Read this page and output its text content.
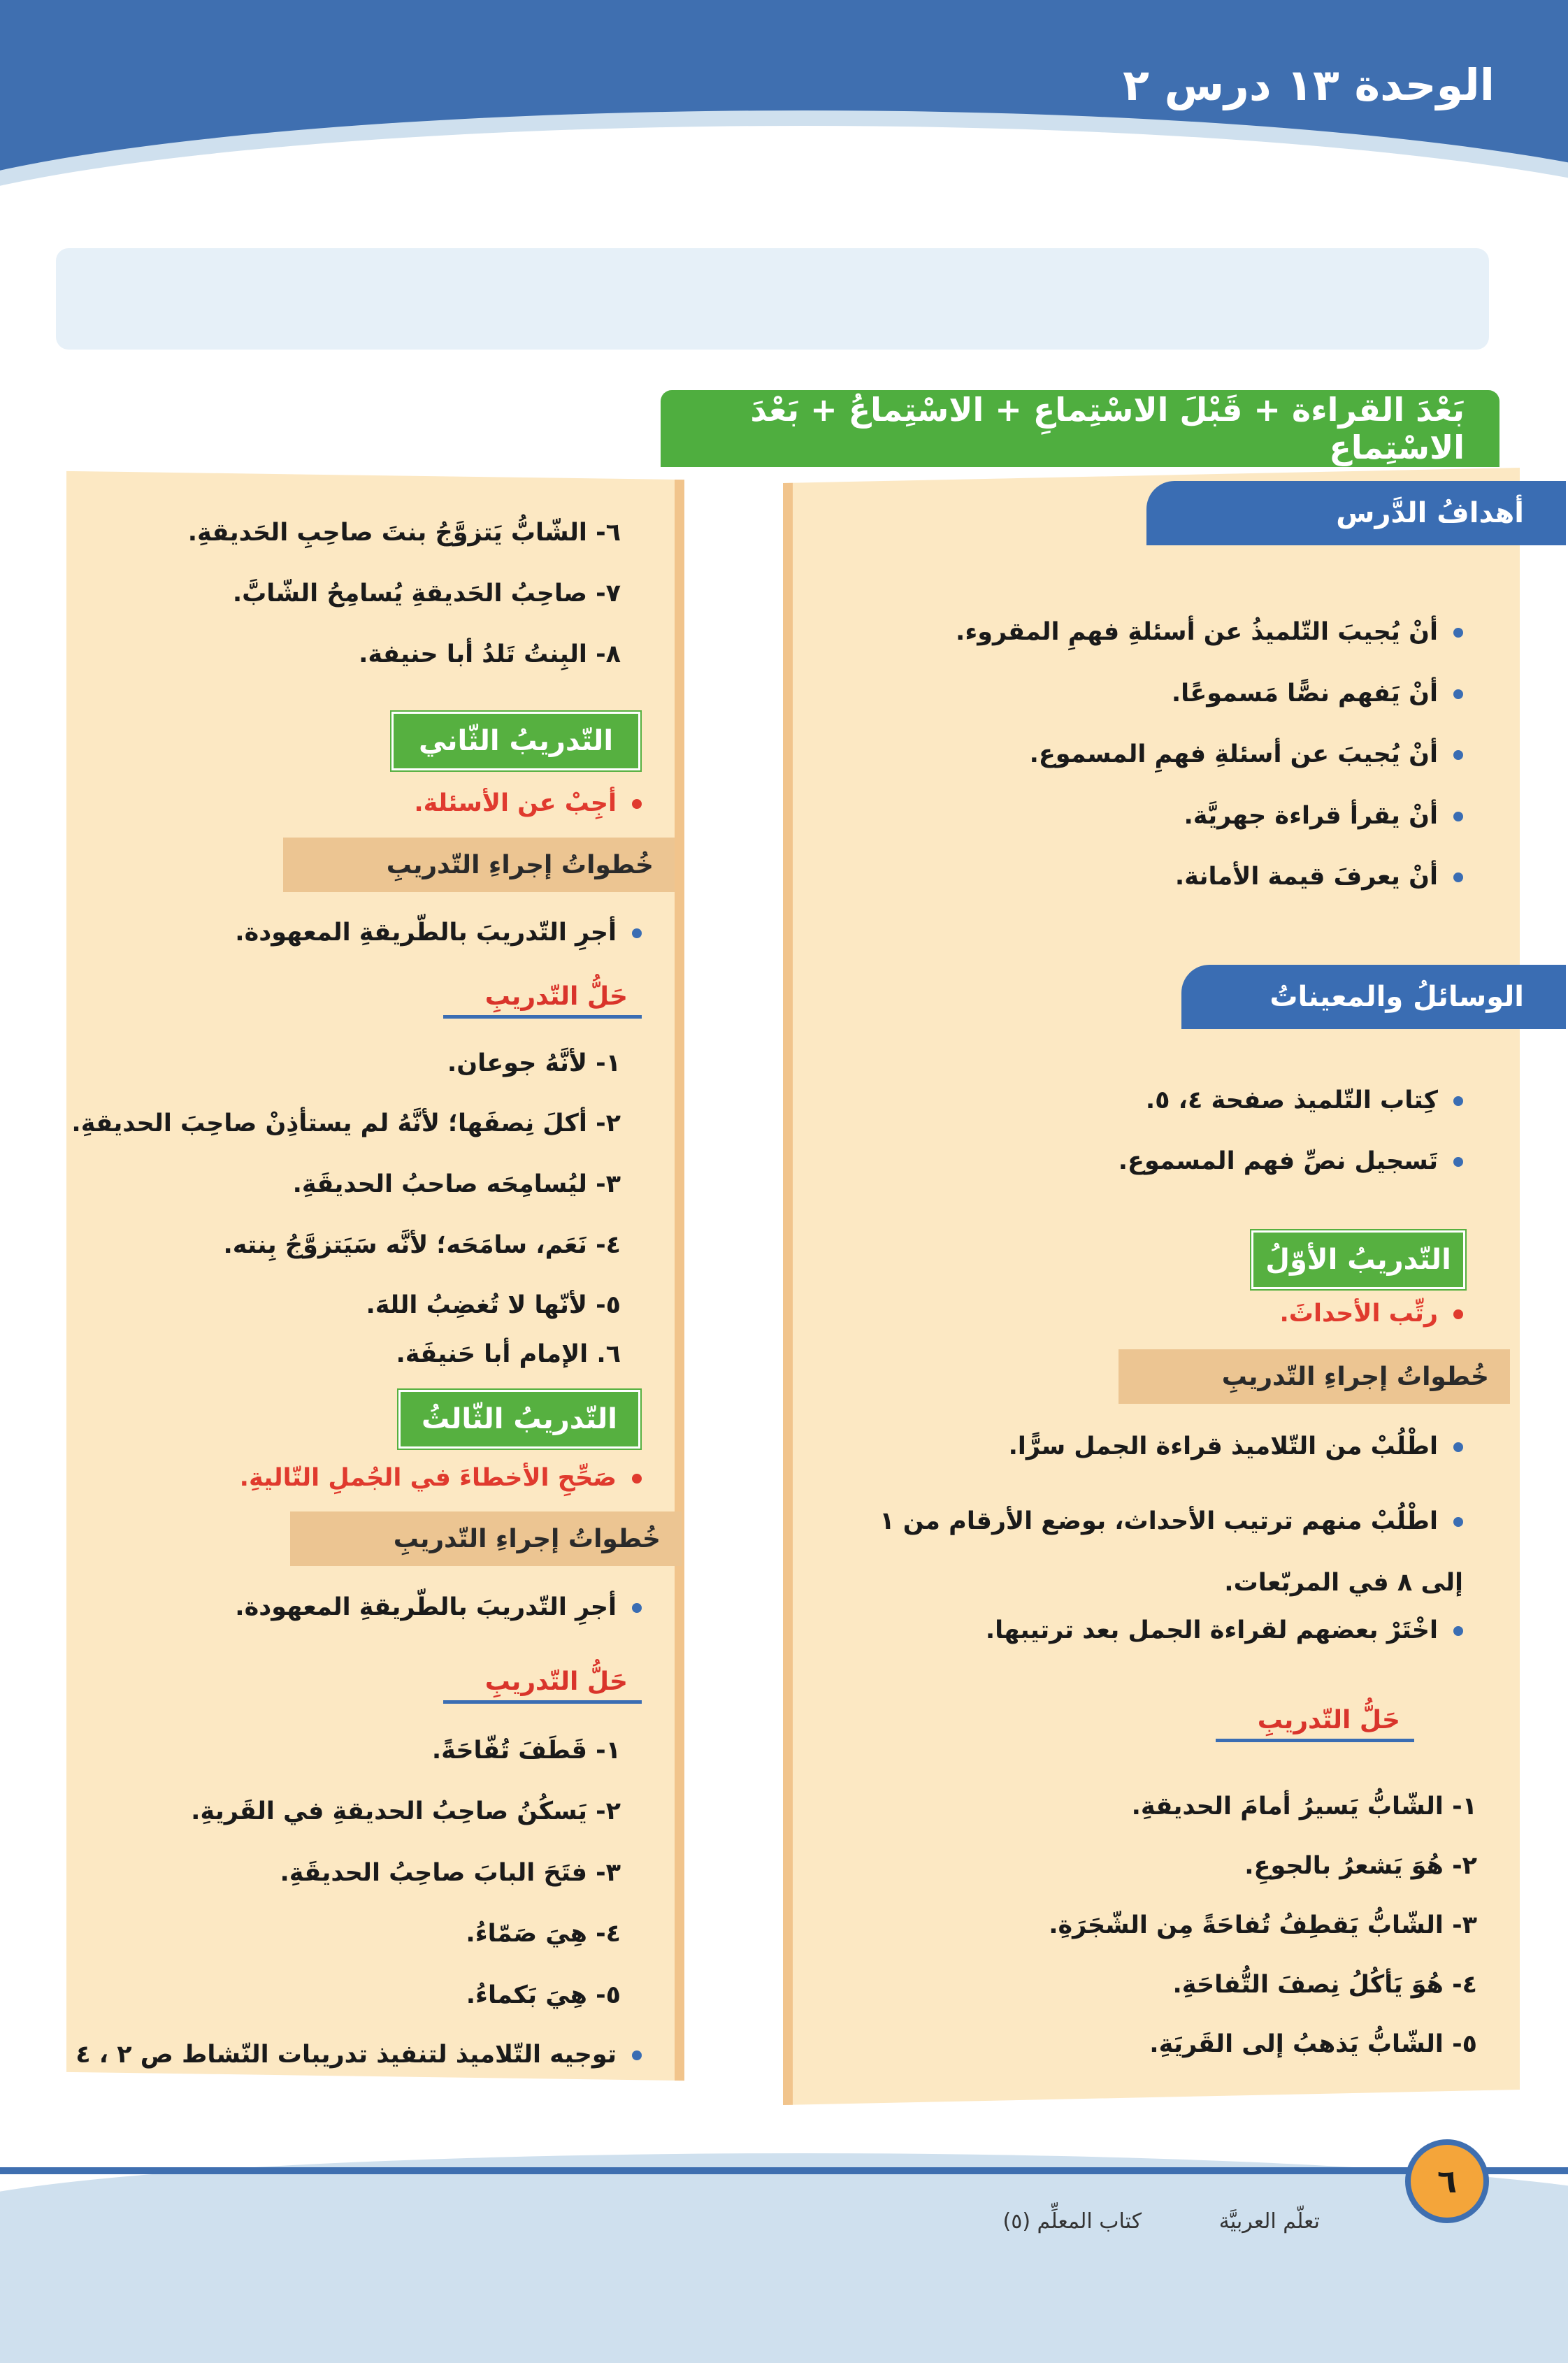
الوحدة ١٣ درس ٢
بَعْدَ القراءة + قَبْلَ الاسْتِماعِ + الاسْتِماعُ + بَعْدَ الاسْتِماعِ
أهدافُ الدَّرس
أنْ يُجيبَ التّلميذُ عن أسئلةِ فهمِ المقروء.
أنْ يَفهم نصًّا مَسموعًا.
أنْ يُجيبَ عن أسئلةِ فهمِ المسموع.
أنْ يقرأ قراءة جهريَّة.
أنْ يعرفَ قيمة الأمانة.
الوسائلُ والمعيناتُ
كِتاب التّلميذ صفحة ٤، ٥.
تَسجيل نصِّ فهم المسموع.
التّدريبُ الأوّلُ
رتِّب الأحداثَ.
خُطواتُ إجراءِ التّدريبِ
اطْلُبْ من التّلاميذ قراءة الجمل سرًّا.
اطْلُبْ منهم ترتيب الأحداث، بوضع الأرقام من ١ إلى ٨ في المربّعات.
اخْتَرْ بعضهم لقراءة الجمل بعد ترتيبها.
حَلُّ التّدريبِ
١- الشّابُّ يَسيرُ أمامَ الحديقةِ.
٢- هُوَ يَشعرُ بالجوعِ.
٣- الشّابُّ يَقطِفُ تُفاحَةً مِن الشّجَرَةِ.
٤- هُوَ يَأكُلُ نِصفَ التُّفاحَةِ.
٥- الشّابُّ يَذهبُ إلى القَريَةِ.
٦- الشّابُّ يَتزوَّجُ بنتَ صاحِبِ الحَديقةِ.
٧- صاحِبُ الحَديقةِ يُسامِحُ الشّابَّ.
٨- البِنتُ تَلدُ أبا حنيفة.
التّدريبُ الثّاني
أجِبْ عن الأسئلة.
خُطواتُ إجراءِ التّدريبِ
أجرِ التّدريبَ بالطّريقةِ المعهودة.
حَلُّ التّدريبِ
١- لأنَّهُ جوعان.
٢- أكلَ نِصفَها؛ لأنَّهُ لم يستأذِنْ صاحِبَ الحديقةِ.
٣- ليُسامِحَه صاحبُ الحديقَةِ.
٤- نَعَم، سامَحَه؛ لأنَّه سَيَتزوَّجُ بِنته.
٥- لأنّها لا تُغضِبُ اللهَ.
٦. الإمام أبا حَنيفَة.
التّدريبُ الثّالثُ
صَحِّحِ الأخطاءَ في الجُملِ التّاليةِ.
خُطواتُ إجراءِ التّدريبِ
أجرِ التّدريبَ بالطّريقةِ المعهودة.
حَلُّ التّدريبِ
١- قَطَفَ تُفّاحَةً.
٢- يَسكُنُ صاحِبُ الحديقةِ في القَريةِ.
٣- فتَحَ البابَ صاحِبُ الحديقَةِ.
٤- هِيَ صَمّاءُ.
٥- هِيَ بَكماءُ.
توجيه التّلاميذ لتنفيذ تدريبات النّشاط ص ٢ ، ٤
٦
تعلّم العربيَّة
كتاب المعلِّم (٥)
